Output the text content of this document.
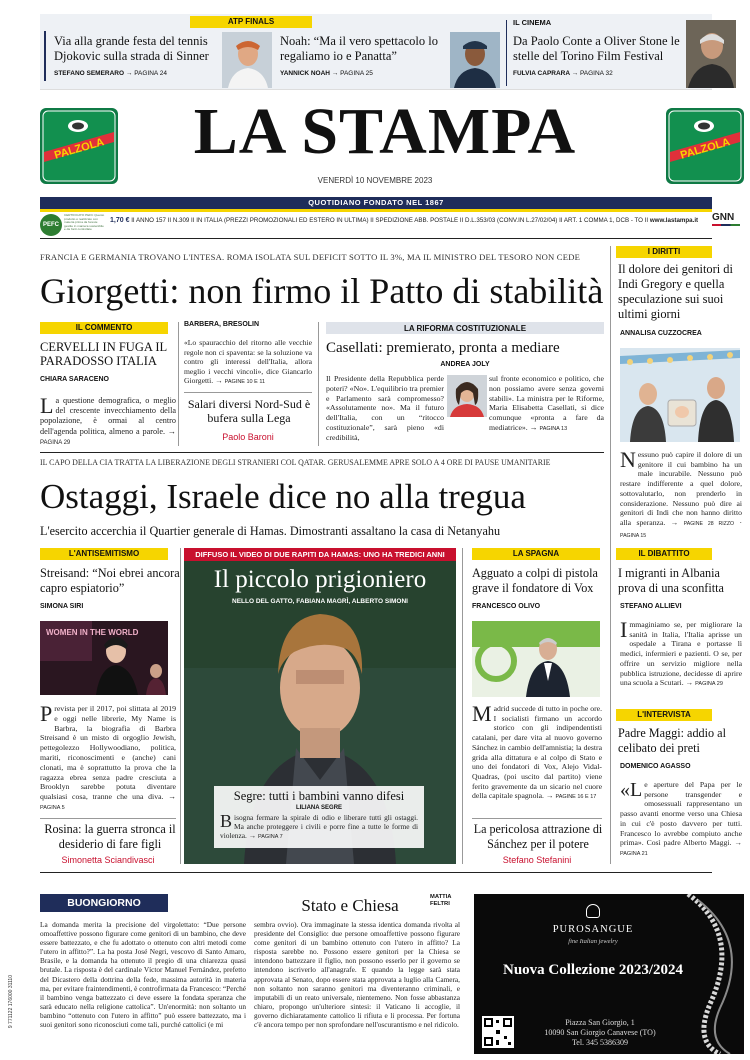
ATP FINALS
Via alla grande festa del tennis Djokovic sulla strada di Sinner
STEFANO SEMERARO → PAGINA 24
Noah: “Ma il vero spettacolo lo regaliamo io e Panatta”
YANNICK NOAH → PAGINA 25
IL CINEMA
Da Paolo Conte a Oliver Stone le stelle del Torino Film Festival
FULVIA CAPRARA → PAGINA 32
PALZOLA	PALZOLA
LA STAMPA
VENERDÌ 10 NOVEMBRE 2023
QUOTIDIANO FONDATO NEL 1867
PEFC
CERTIFICATO PEFC Questo prodotto è realizzato con materia prima da foreste gestite in maniera sostenibile e da fonti controllate
1,70 € II ANNO 157 II N.309 II IN ITALIA (PREZZI PROMOZIONALI ED ESTERO IN ULTIMA) II SPEDIZIONE ABB. POSTALE II D.L.353/03 (CONV.IN L.27/02/04) II ART. 1 COMMA 1, DCB - TO II www.lastampa.it GNN
FRANCIA E GERMANIA TROVANO L'INTESA. ROMA ISOLATA SUL DEFICIT SOTTO IL 3%, MA IL MINISTRO DEL TESORO NON CEDE
Giorgetti: non firmo il Patto di stabilità
IL COMMENTO
CERVELLI IN FUGA IL PARADOSSO ITALIA
CHIARA SARACENO
La questione demografica, o meglio del crescente invecchiamento della popolazione, è ormai al centro dell'agenda politica, almeno a parole. → PAGINA 29
BARBERA, BRESOLIN
«Lo spauracchio del ritorno alle vecchie regole non ci spaventa: se la soluzione va contro gli interessi dell'Italia, allora meglio i vecchi vincoli», dice Giancarlo Giorgetti. → PAGINE 10 E 11
Salari diversi Nord-Sud è bufera sulla Lega
Paolo Baroni
LA RIFORMA COSTITUZIONALE
Casellati: premierato, pronta a mediare
ANDREA JOLY
Il Presidente della Repubblica perde poteri? «No». L'equilibrio tra premier e Parlamento sarà compromesso? «Assolutamente no». Ma il futuro dell'Italia, con un “ritocco costituzionale”, sarà pieno «di credibilità,
sul fronte economico e politico, che non possiamo avere senza governi stabili». La ministra per le Riforme, Maria Elisabetta Casellati, si dice comunque «pronta a fare da mediatrice». → PAGINA 13
I DIRITTI
Il dolore dei genitori di Indi Gregory e quella speculazione sui suoi ultimi giorni
ANNALISA CUZZOCREA
Nessuno può capire il dolore di un genitore il cui bambino ha un male incurabile. Nessuno può restare indifferente a quel dolore, sottovalutarlo, non prenderlo in considerazione. Nessuno può dire ai genitori di Indi che non hanno diritto alla speranza. → PAGINE 28 RIZZO · PAGINA 15
IL CAPO DELLA CIA TRATTA LA LIBERAZIONE DEGLI STRANIERI COL QATAR. GERUSALEMME APRE SOLO A 4 ORE DI PAUSE UMANITARIE
Ostaggi, Israele dice no alla tregua
L'esercito accerchia il Quartier generale di Hamas. Dimostranti assaltano la casa di Netanyahu
L'ANTISEMITISMO
Streisand: “Noi ebrei ancora capro espiatorio”
SIMONA SIRI
WOMEN IN THE WORLD
Prevista per il 2017, poi slittata al 2019 e oggi nelle librerie, My Name is Barbra, la biografia di Barbra Streisand è un misto di orgoglio Jewish, pettegolezzo Hollywoodiano, politica, mariti, riconoscimenti e (anche) cani clonati, ma è soprattutto la prova che la ragazza ebrea senza padre cresciuta a Brooklyn sarebbe potuta diventare qualsiasi cosa, tranne che una diva. → PAGINA 5
Rosina: la guerra stronca il desiderio di fare figli
Simonetta Sciandivasci
DIFFUSO IL VIDEO DI DUE RAPITI DA HAMAS: UNO HA TREDICI ANNI
Il piccolo prigioniero
NELLO DEL GATTO, FABIANA MAGRÌ, ALBERTO SIMONI
Segre: tutti i bambini vanno difesi
LILIANA SEGRE
Bisogna fermare la spirale di odio e liberare tutti gli ostaggi. Ma anche proteggere i civili e porre fine a tutte le forme di violenza. → PAGINA 7
LA SPAGNA
Agguato a colpi di pistola grave il fondatore di Vox
FRANCESCO OLIVO
Madrid succede di tutto in poche ore. I socialisti firmano un accordo storico con gli indipendentisti catalani, per dare vita al nuovo governo Sánchez in cambio dell'amnistia; la destra grida alla dittatura e al colpo di Stato e uno dei fondatori di Vox, Alejo Vidal-Quadras, (poi uscito dal partito) viene ferito gravemente da un sicario nel cuore della capitale spagnola. → PAGINE 16 E 17
La pericolosa attrazione di Sánchez per il potere
Stefano Stefanini
IL DIBATTITO
I migranti in Albania prova di una sconfitta
STEFANO ALLIEVI
Immaginiamo se, per migliorare la sanità in Italia, l'Italia aprisse un ospedale a Tirana e portasse lì medici, infermieri e pazienti. O se, per offrire un servizio migliore nella pubblica istruzione, decidesse di aprire una scuola a Scutari. → PAGINA 29
L'INTERVISTA
Padre Maggi: addio al celibato dei preti
DOMENICO AGASSO
«Le aperture del Papa per le persone transgender e omosessuali rappresentano un passo avanti enorme verso una Chiesa in cui c'è posto davvero per tutti. Francesco lo avrebbe compiuto anche prima». Così padre Alberto Maggi. → PAGINA 21
9 771122 176000 31110
BUONGIORNO	Stato e Chiesa	MATTIA FELTRI
La domanda merita la precisione del virgolettato: “Due persone omoaffettive possono figurare come genitori di un bambino, che deve essere battezzato, e che fu adottato o ottenuto con altri metodi come l'utero in affitto?”. La ha posta José Negri, vescovo di Santo Amaro, Brasile, e la domanda ha ottenuto il pregio di una chiarezza quasi brutale. La risposta è del cardinale Víctor Manuel Fernández, prefetto del Dicastero della dottrina della fede, massima autorità in materia ma, per evitare fraintendimenti, è controfirmata da Francesco: “Perché il bambino venga battezzato ci deve essere la fondata speranza che sarà educato nella religione cattolica”. Un'enormità: non soltanto un bambino “ottenuto con l'utero in affitto” può essere battezzato, ma i suoi genitori sono riconosciuti come tali, purché cattolici (e mi
sembra ovvio). Ora immaginate la stessa identica domanda rivolta al presidente del Consiglio: due persone omoaffettive possono figurare come genitori di un bambino ottenuto con l'utero in affitto? La risposta sarebbe no. Possono essere genitori per la Chiesa se intendono battezzare il figlio, non possono esserlo per il governo se intendono iscriverlo all'anagrafe. E quando la legge sarà stata approvata al Senato, dopo essere stata approvata a luglio alla Camera, non soltanto non saranno genitori ma diventeranno criminali, e imputabili di un reato universale, nientemeno. Non fosse abbastanza chiaro, propongo un'ulteriore sintesi: il Vaticano li accoglie, il governo dichiaratamente cattolico li rifiuta e li processa. Per fortuna c'è ancora tempo per non sprofondare nell'oscurantismo e nel ridicolo.
PUROSANGUE
fine Italian jewelry
Nuova Collezione 2023/2024
Piazza San Giorgio, 1
10090 San Giorgio Canavese (TO)
Tel. 345 5386309
